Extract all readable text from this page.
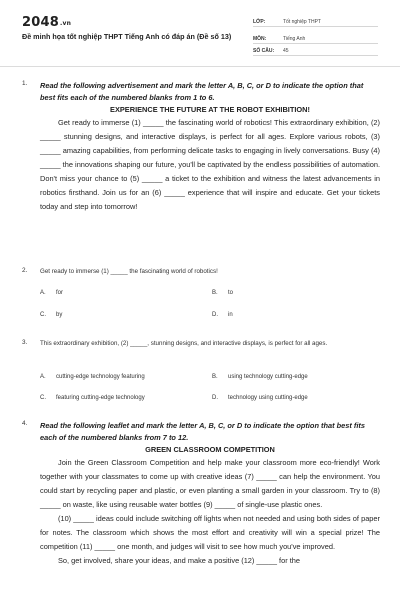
2048.vn
Đề minh họa tốt nghiệp THPT Tiếng Anh có đáp án (Đề số 13)
LỚP:	Tốt nghiệp THPT
MÔN:	Tiếng Anh
SỐ CÂU: 45
1. Read the following advertisement and mark the letter A, B, C, or D to indicate the option that best fits each of the numbered blanks from 1 to 6.
EXPERIENCE THE FUTURE AT THE ROBOT EXHIBITION!
Get ready to immerse (1) _____ the fascinating world of robotics! This extraordinary exhibition, (2) _____ stunning designs, and interactive displays, is perfect for all ages. Explore various robots, (3) _____ amazing capabilities, from performing delicate tasks to engaging in lively conversations. Busy (4) _____ the innovations shaping our future, you'll be captivated by the endless possibilities of automation. Don't miss your chance to (5) _____ a ticket to the exhibition and witness the latest advancements in robotics firsthand. Join us for an (6) _____ experience that will inspire and educate. Get your tickets today and step into tomorrow!
2. Get ready to immerse (1) _____ the fascinating world of robotics!
A. for	B. to
C. by	D. in
3. This extraordinary exhibition, (2) _____, stunning designs, and interactive displays, is perfect for all ages.
A. cutting-edge technology featuring	B. using technology cutting-edge
C. featuring cutting-edge technology	D. technology using cutting-edge
4. Read the following leaflet and mark the letter A, B, C, or D to indicate the option that best fits each of the numbered blanks from 7 to 12.
GREEN CLASSROOM COMPETITION
Join the Green Classroom Competition and help make your classroom more eco-friendly! Work together with your classmates to come up with creative ideas (7) _____ can help the environment. You could start by recycling paper and plastic, or even planting a small garden in your classroom. Try to (8) _____ on waste, like using reusable water bottles (9) _____ of single-use plastic ones.
(10) _____ ideas could include switching off lights when not needed and using both sides of paper for notes. The classroom which shows the most effort and creativity will win a special prize! The competition (11) _____ one month, and judges will visit to see how much you've improved.
So, get involved, share your ideas, and make a positive (12) _____ for the
